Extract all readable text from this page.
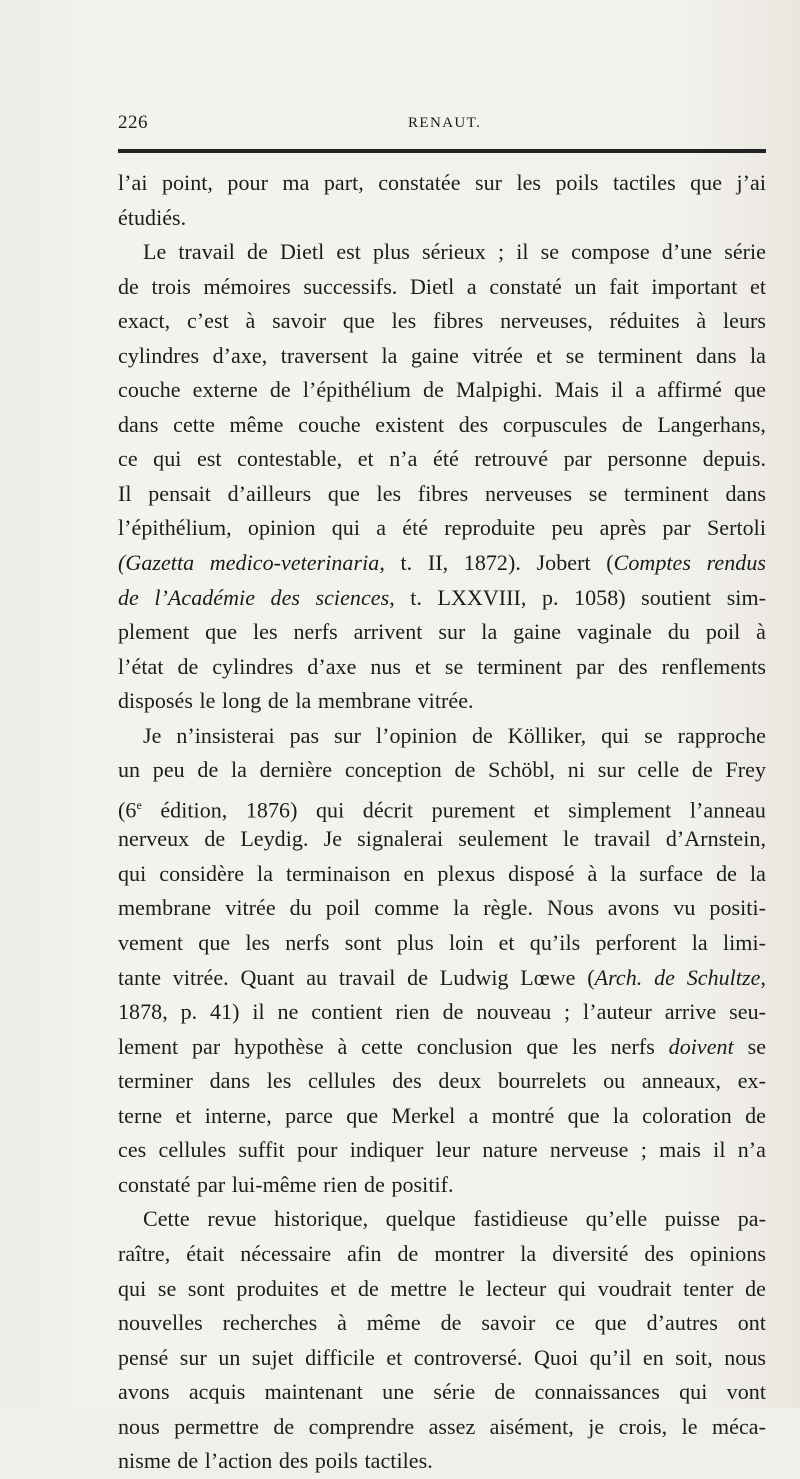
226	RENAUT.
l’ai point, pour ma part, constatée sur les poils tactiles que j’ai
étudiés.
Le travail de Dietl est plus sérieux ; il se compose d’une série
de trois mémoires successifs. Dietl a constaté un fait important et
exact, c’est à savoir que les fibres nerveuses, réduites à leurs
cylindres d’axe, traversent la gaine vitrée et se terminent dans la
couche externe de l’épithélium de Malpighi. Mais il a affirmé que
dans cette même couche existent des corpuscules de Langerhans,
ce qui est contestable, et n’a été retrouvé par personne depuis.
Il pensait d’ailleurs que les fibres nerveuses se terminent dans
l’épithélium, opinion qui a été reproduite peu après par Sertoli
(Gazetta medico-veterinaria, t. II, 1872). Jobert (Comptes rendus
de l’Académie des sciences, t. LXXVIII, p. 1058) soutient sim-
plement que les nerfs arrivent sur la gaine vaginale du poil à
l’état de cylindres d’axe nus et se terminent par des renflements
disposés le long de la membrane vitrée.
Je n’insisterai pas sur l’opinion de Kölliker, qui se rapproche
un peu de la dernière conception de Schöbl, ni sur celle de Frey
(6e édition, 1876) qui décrit purement et simplement l’anneau
nerveux de Leydig. Je signalerai seulement le travail d’Arnstein,
qui considère la terminaison en plexus disposé à la surface de la
membrane vitrée du poil comme la règle. Nous avons vu positi-
vement que les nerfs sont plus loin et qu’ils perforent la limi-
tante vitrée. Quant au travail de Ludwig Lœwe (Arch. de Schultze,
1878, p. 41) il ne contient rien de nouveau ; l’auteur arrive seu-
lement par hypothèse à cette conclusion que les nerfs doivent se
terminer dans les cellules des deux bourrelets ou anneaux, ex-
terne et interne, parce que Merkel a montré que la coloration de
ces cellules suffit pour indiquer leur nature nerveuse ; mais il n’a
constaté par lui-même rien de positif.
Cette revue historique, quelque fastidieuse qu’elle puisse pa-
raître, était nécessaire afin de montrer la diversité des opinions
qui se sont produites et de mettre le lecteur qui voudrait tenter de
nouvelles recherches à même de savoir ce que d’autres ont
pensé sur un sujet difficile et controversé. Quoi qu’il en soit, nous
avons acquis maintenant une série de connaissances qui vont
nous permettre de comprendre assez aisément, je crois, le méca-
nisme de l’action des poils tactiles.
